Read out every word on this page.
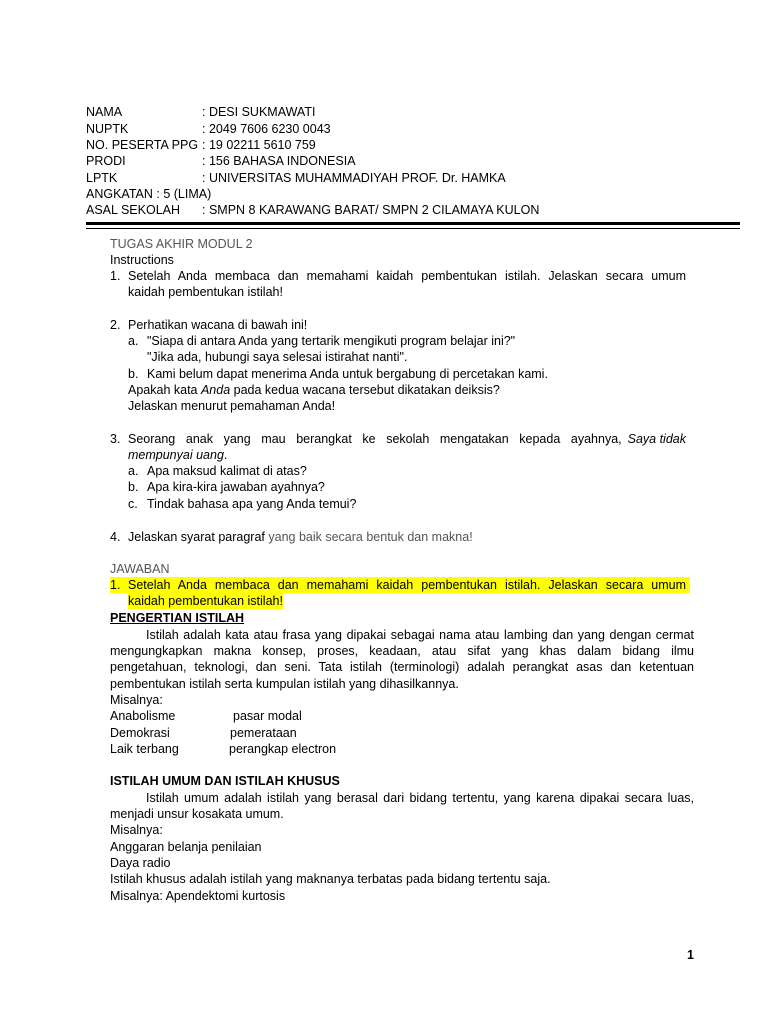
NAMA	: DESI SUKMAWATI
NUPTK	: 2049 7606 6230 0043
NO. PESERTA PPG : 19 02211 5610 759
PRODI	: 156 BAHASA INDONESIA
LPTK	: UNIVERSITAS MUHAMMADIYAH PROF. Dr. HAMKA
ANGKATAN : 5 (LIMA)
ASAL SEKOLAH : SMPN 8 KARAWANG BARAT/ SMPN 2 CILAMAYA KULON
TUGAS AKHIR MODUL 2
Instructions
1. Setelah Anda membaca dan memahami kaidah pembentukan istilah. Jelaskan secara umum
kaidah pembentukan istilah!
2. Perhatikan wacana di bawah ini!
a. "Siapa di antara Anda yang tertarik mengikuti program belajar ini?"
"Jika ada, hubungi saya selesai istirahat nanti".
b. Kami belum dapat menerima Anda untuk bergabung di percetakan kami.
Apakah kata Anda pada kedua wacana tersebut dikatakan deiksis?
Jelaskan menurut pemahaman Anda!
3. Seorang anak yang mau berangkat ke sekolah mengatakan kepada ayahnya, Saya tidak
mempunyai uang.
a. Apa maksud kalimat di atas?
b. Apa kira-kira jawaban ayahnya?
c. Tindak bahasa apa yang Anda temui?
4. Jelaskan syarat paragraf yang baik secara bentuk dan makna!
JAWABAN
1. Setelah Anda membaca dan memahami kaidah pembentukan istilah. Jelaskan secara umum
kaidah pembentukan istilah!
PENGERTIAN ISTILAH
Istilah adalah kata atau frasa yang dipakai sebagai nama atau lambing dan yang dengan cermat
mengungkapkan makna konsep, proses, keadaan, atau sifat yang khas dalam bidang ilmu
pengetahuan, teknologi, dan seni. Tata istilah (terminologi) adalah perangkat asas dan ketentuan
pembentukan istilah serta kumpulan istilah yang dihasilkannya.
Misalnya:
Anabolisme	pasar modal
Demokrasi	pemerataan
Laik terbang	perangkap electron
ISTILAH UMUM DAN ISTILAH KHUSUS
Istilah umum adalah istilah yang berasal dari bidang tertentu, yang karena dipakai secara luas,
menjadi unsur kosakata umum.
Misalnya:
Anggaran belanja penilaian
Daya radio
Istilah khusus adalah istilah yang maknanya terbatas pada bidang tertentu saja.
Misalnya: Apendektomi kurtosis
1
